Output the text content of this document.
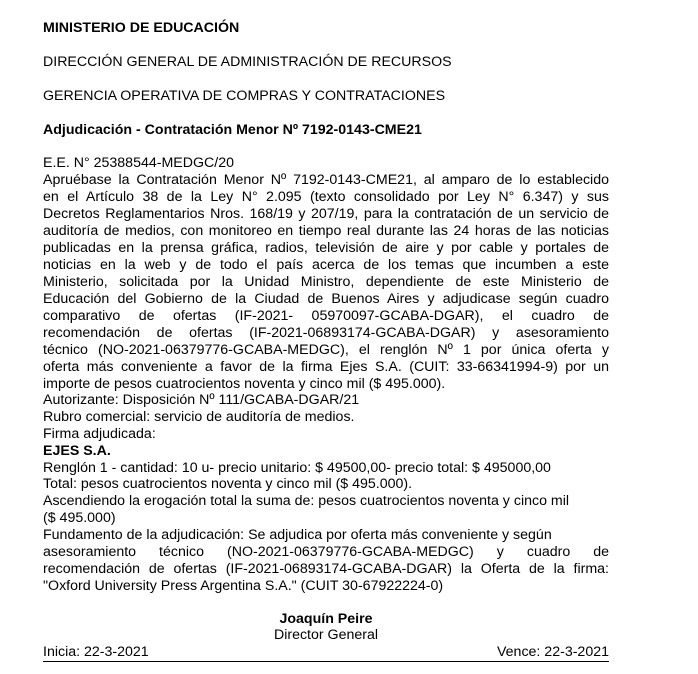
MINISTERIO DE EDUCACIÓN
DIRECCIÓN GENERAL DE ADMINISTRACIÓN DE RECURSOS
GERENCIA OPERATIVA DE COMPRAS Y CONTRATACIONES
Adjudicación - Contratación Menor Nº 7192-0143-CME21
E.E. N° 25388544-MEDGC/20
Apruébase la Contratación Menor Nº 7192-0143-CME21, al amparo de lo establecido
en el Artículo 38 de la Ley N° 2.095 (texto consolidado por Ley N° 6.347) y sus
Decretos Reglamentarios Nros. 168/19 y 207/19, para la contratación de un servicio de
auditoría de medios, con monitoreo en tiempo real durante las 24 horas de las noticias
publicadas en la prensa gráfica, radios, televisión de aire y por cable y portales de
noticias en la web y de todo el país acerca de los temas que incumben a este
Ministerio, solicitada por la Unidad Ministro, dependiente de este Ministerio de
Educación del Gobierno de la Ciudad de Buenos Aires y adjudicase según cuadro
comparativo de ofertas (IF-2021- 05970097-GCABA-DGAR), el cuadro de
recomendación de ofertas (IF-2021-06893174-GCABA-DGAR) y asesoramiento
técnico (NO-2021-06379776-GCABA-MEDGC), el renglón Nº 1 por única oferta y
oferta más conveniente a favor de la firma Ejes S.A. (CUIT: 33-66341994-9) por un
importe de pesos cuatrocientos noventa y cinco mil ($ 495.000).
Autorizante: Disposición Nº 111/GCABA-DGAR/21
Rubro comercial: servicio de auditoría de medios.
Firma adjudicada:
EJES S.A.
Renglón 1 - cantidad: 10 u- precio unitario: $ 49500,00- precio total: $ 495000,00
Total: pesos cuatrocientos noventa y cinco mil ($ 495.000).
Ascendiendo la erogación total la suma de: pesos cuatrocientos noventa y cinco mil
($ 495.000)
Fundamento de la adjudicación: Se adjudica por oferta más conveniente y según
asesoramiento técnico (NO-2021-06379776-GCABA-MEDGC) y cuadro de
recomendación de ofertas (IF-2021-06893174-GCABA-DGAR) la Oferta de la firma:
"Oxford University Press Argentina S.A." (CUIT 30-67922224-0)
Joaquín Peire
Director General
Inicia: 22-3-2021	Vence: 22-3-2021
